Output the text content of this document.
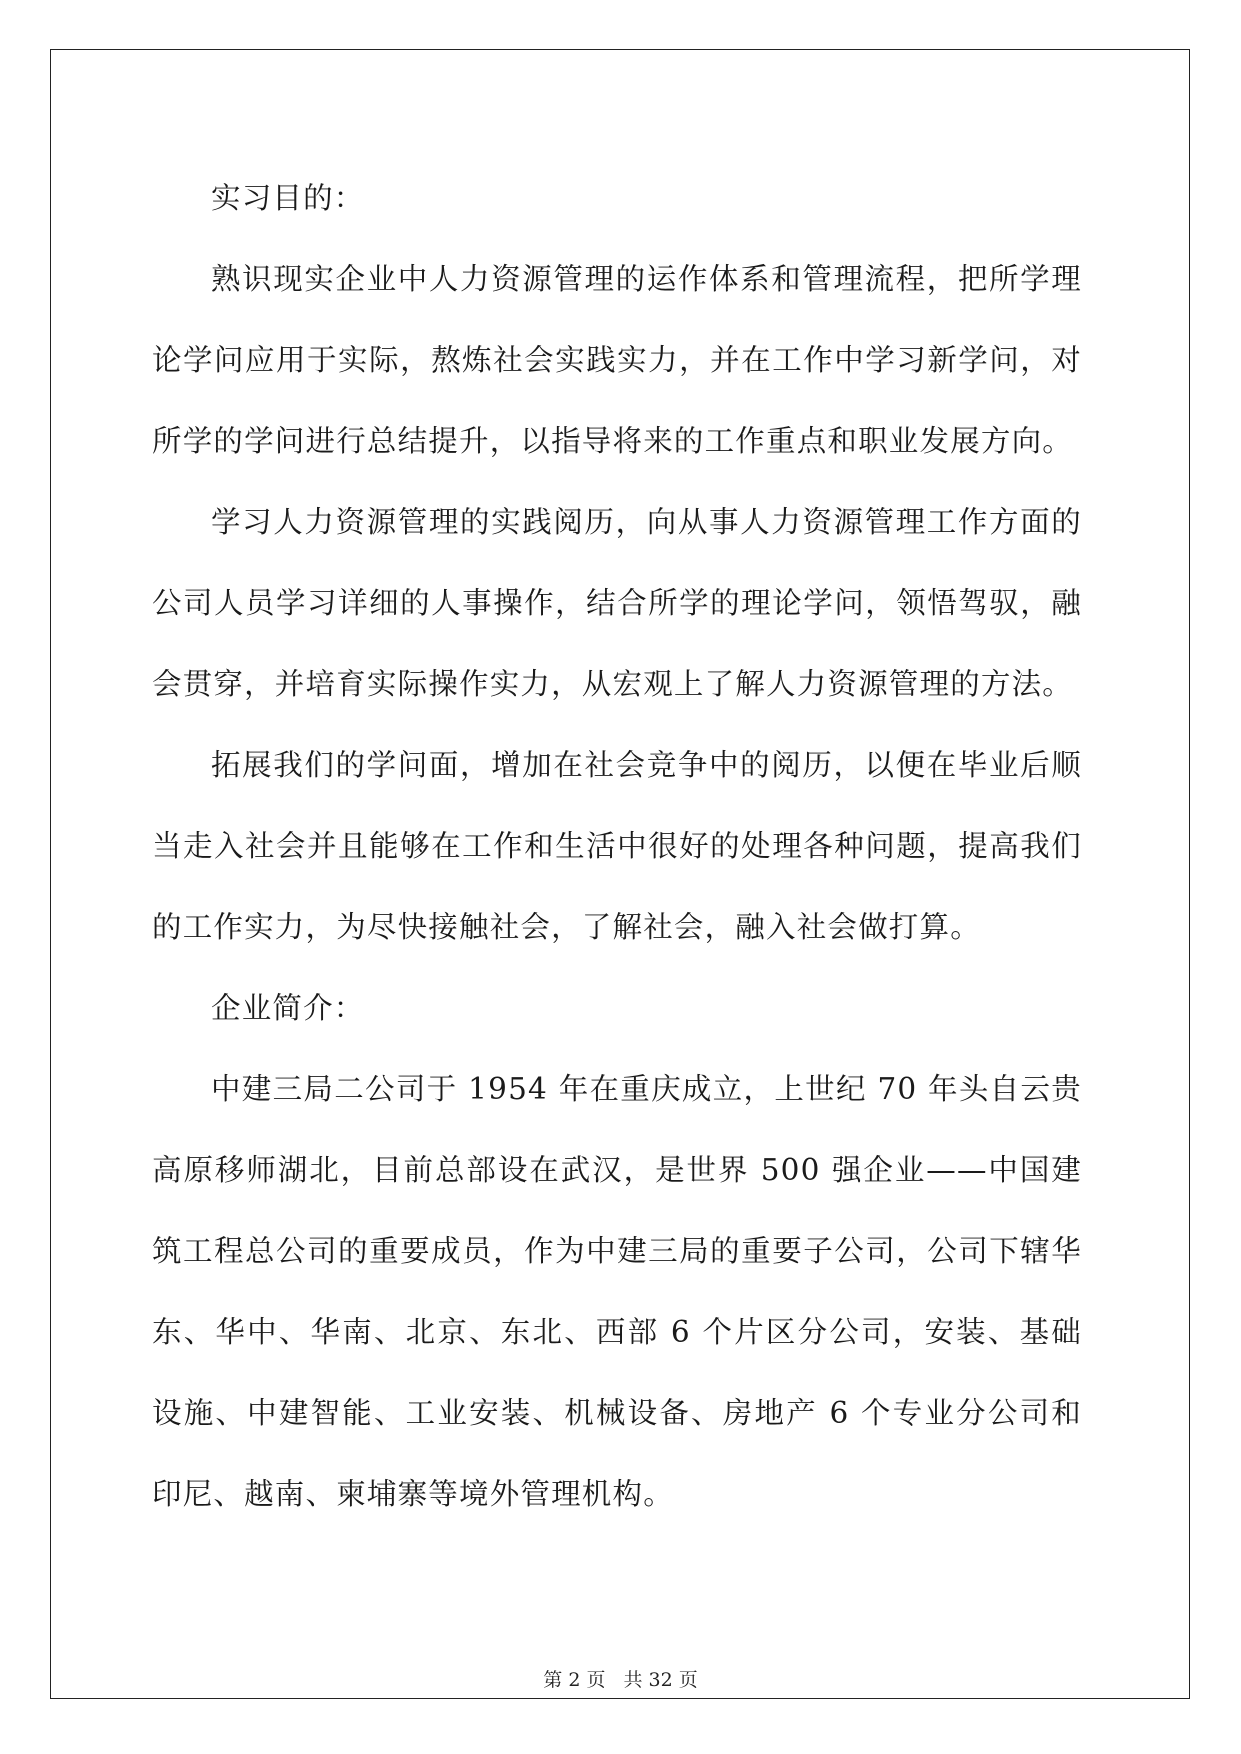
实习目的：

熟识现实企业中人力资源管理的运作体系和管理流程，把所学理论学问应用于实际，熬炼社会实践实力，并在工作中学习新学问，对所学的学问进行总结提升，以指导将来的工作重点和职业发展方向。

学习人力资源管理的实践阅历，向从事人力资源管理工作方面的公司人员学习详细的人事操作，结合所学的理论学问，领悟驾驭，融会贯穿，并培育实际操作实力，从宏观上了解人力资源管理的方法。

拓展我们的学问面，增加在社会竞争中的阅历，以便在毕业后顺当走入社会并且能够在工作和生活中很好的处理各种问题，提高我们的工作实力，为尽快接触社会，了解社会，融入社会做打算。

企业简介：

中建三局二公司于 1954 年在重庆成立，上世纪 70 年头自云贵高原移师湖北，目前总部设在武汉，是世界 500 强企业——中国建筑工程总公司的重要成员，作为中建三局的重要子公司，公司下辖华东、华中、华南、北京、东北、西部 6 个片区分公司，安装、基础设施、中建智能、工业安装、机械设备、房地产 6 个专业分公司和印尼、越南、柬埔寨等境外管理机构。

第 2 页 共 32 页
